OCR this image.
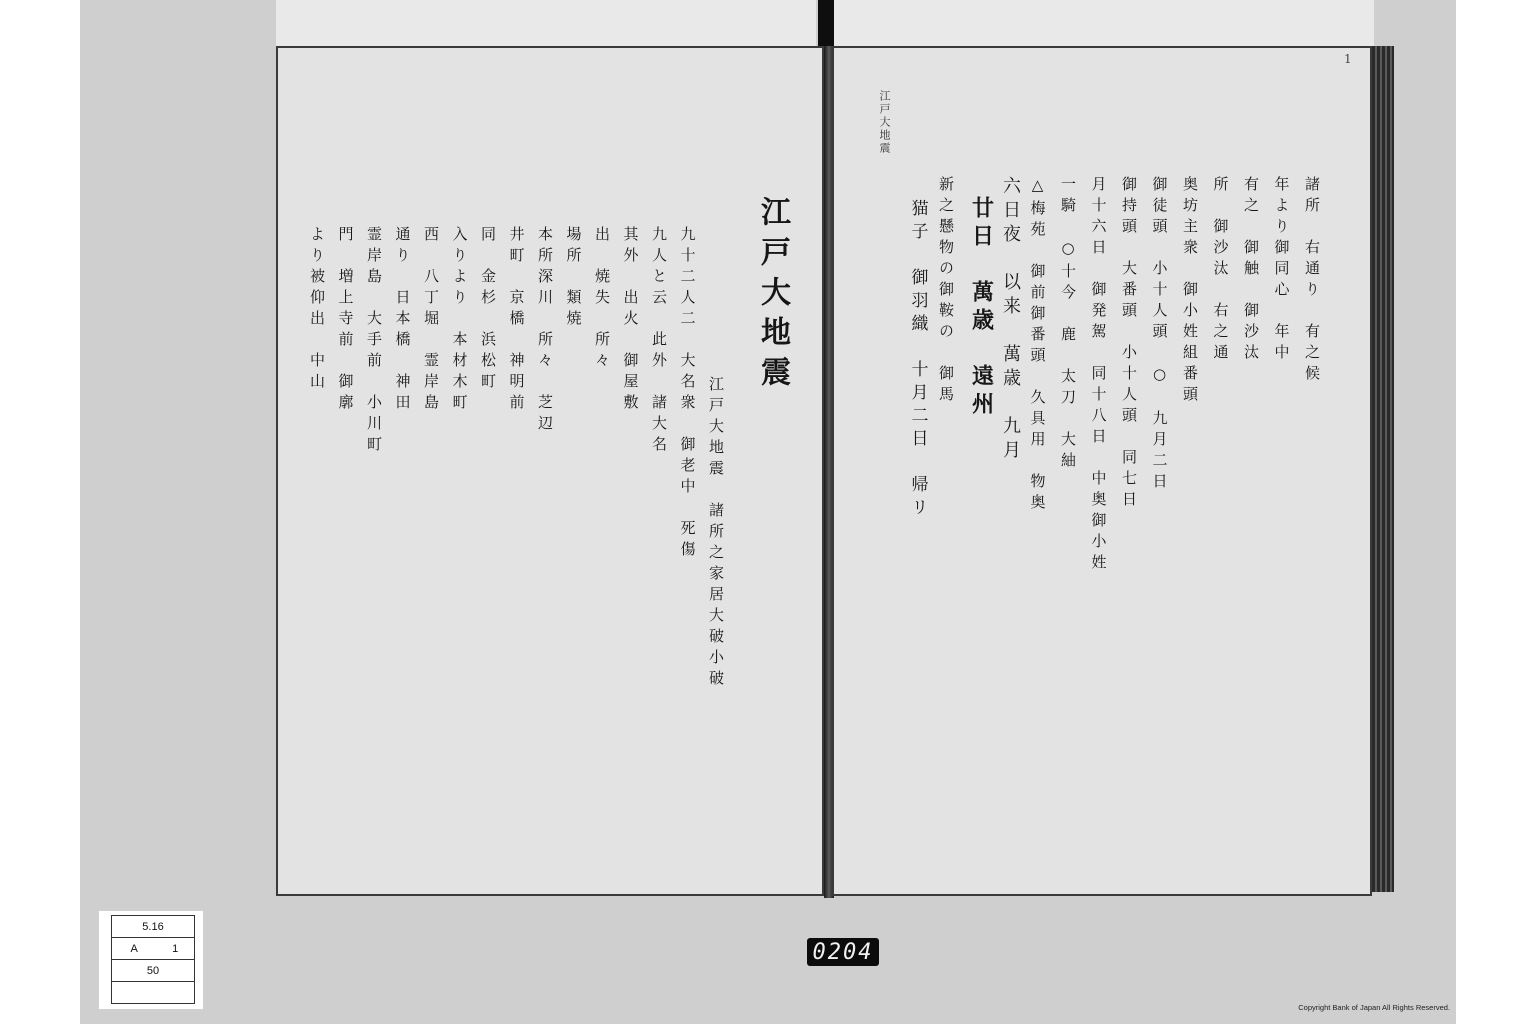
江戸大地震
江戸大地震　諸所之家居大破小破
九十二人二　大名衆　御老中　死傷
九人と云　此外　諸大名
其外　出火　御屋敷
出　焼失　所々
場所　類焼
本所深川　所々　芝辺
井町　京橋　神明前
同　金杉　浜松町
入りより　本材木町
西　八丁堀　霊岸島
通り　日本橋　神田
霊岸島　大手前　小川町
門　増上寺前　御廓
より被仰出　中山
江戸大地震
1
諸所　右通り　有之候
年より御同心　年中
有之　御触　御沙汰
所　御沙汰　右之通
奥坊主衆　御小姓組番頭
御徒頭　小十人頭　○　九月二日
御持頭　大番頭　小十人頭　同七日
月十六日　御発駕　同十八日　中奥御小姓
一騎　○十今　鹿　太刀　大紬
△梅苑　御前御番頭　久具用　物奥
六日夜　以来　萬歳　九月
廿日　萬歳　遠州
新之懸物の御鞍の　御馬
　猫子　御羽織　十月二日　帰リ
5.16
A	1
50

0204
Copyright Bank of Japan All Rights Reserved.
